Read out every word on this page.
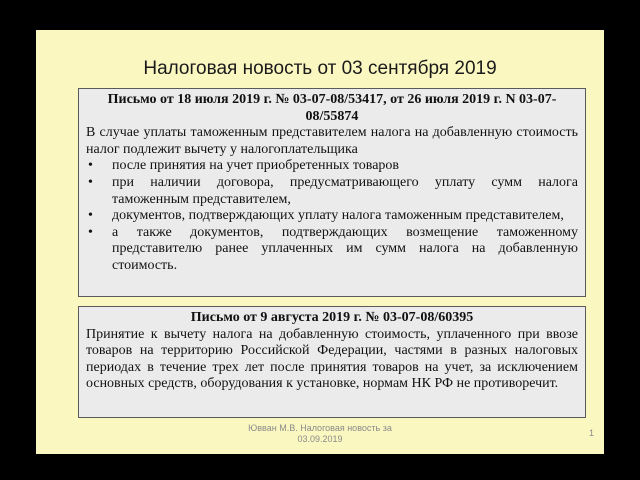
Налоговая новость от 03 сентября 2019

Письмо от 18 июля 2019 г. № 03-07-08/53417, от 26 июля 2019 г. N 03-07-08/55874

В случае уплаты таможенным представителем налога на добавленную стоимость налог подлежит вычету у налогоплательщика

• после принятия на учет приобретенных товаров
• при наличии договора, предусматривающего уплату сумм налога таможенным представителем,
• документов, подтверждающих уплату налога таможенным представителем,
• а также документов, подтверждающих возмещение таможенному представителю ранее уплаченных им сумм налога на добавленную стоимость.

Письмо от 9 августа 2019 г. № 03-07-08/60395

Принятие к вычету налога на добавленную стоимость, уплаченного при ввозе товаров на территорию Российской Федерации, частями в разных налоговых периодах в течение трех лет после принятия товаров на учет, за исключением основных средств, оборудования к установке, нормам НК РФ не противоречит.

Ювван М.В. Налоговая новость за
03.09.2019
1
